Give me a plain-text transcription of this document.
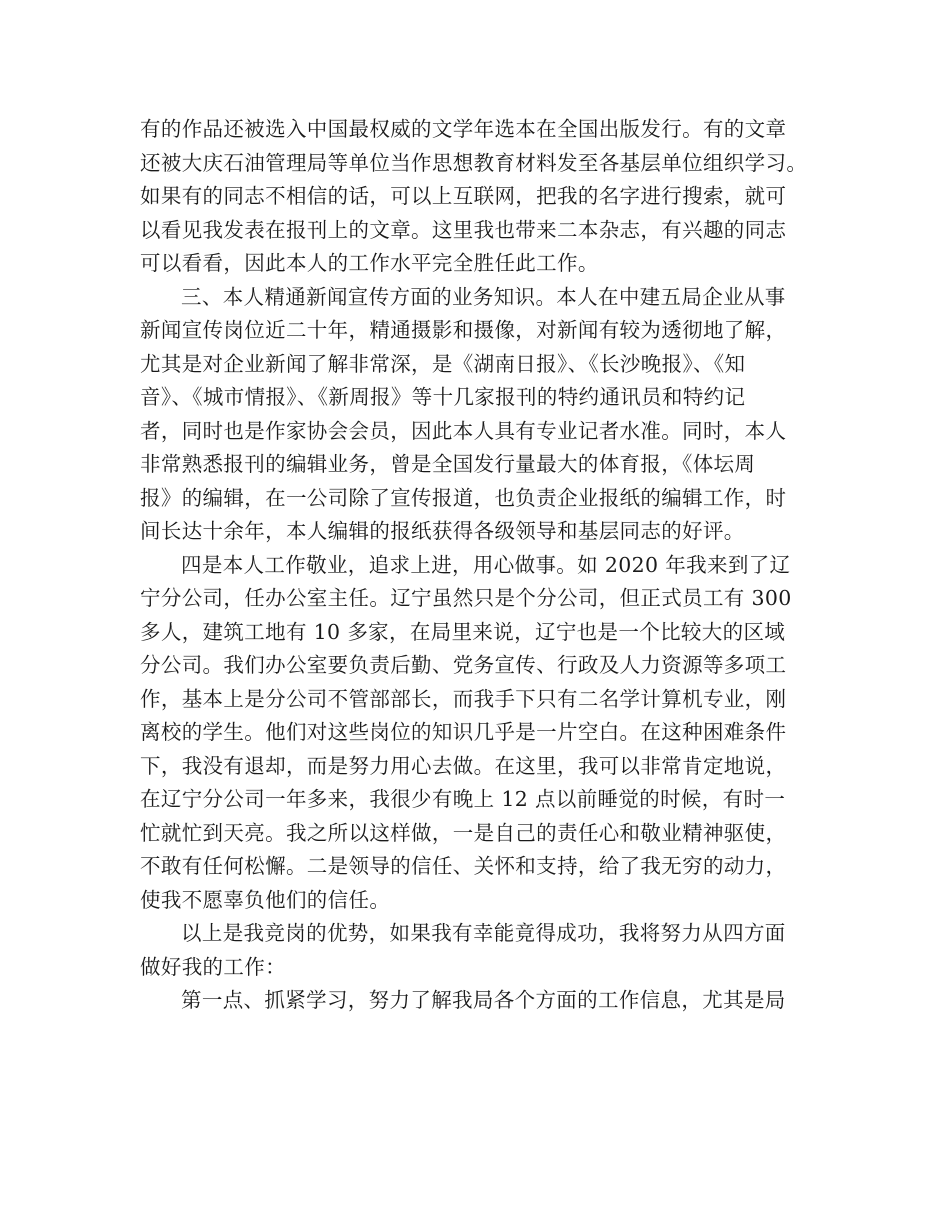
有的作品还被选入中国最权威的文学年选本在全国出版发行。有的文章
还被大庆石油管理局等单位当作思想教育材料发至各基层单位组织学习。
如果有的同志不相信的话，可以上互联网，把我的名字进行搜索，就可
以看见我发表在报刊上的文章。这里我也带来二本杂志，有兴趣的同志
可以看看，因此本人的工作水平完全胜任此工作。
三、本人精通新闻宣传方面的业务知识。本人在中建五局企业从事
新闻宣传岗位近二十年，精通摄影和摄像，对新闻有较为透彻地了解，
尤其是对企业新闻了解非常深，是《湖南日报》、《长沙晚报》、《知
音》、《城市情报》、《新周报》等十几家报刊的特约通讯员和特约记
者，同时也是作家协会会员，因此本人具有专业记者水准。同时，本人
非常熟悉报刊的编辑业务，曾是全国发行量最大的体育报，《体坛周
报》的编辑，在一公司除了宣传报道，也负责企业报纸的编辑工作，时
间长达十余年，本人编辑的报纸获得各级领导和基层同志的好评。
四是本人工作敬业，追求上进，用心做事。如 2020 年我来到了辽
宁分公司，任办公室主任。辽宁虽然只是个分公司，但正式员工有 300
多人，建筑工地有 10 多家，在局里来说，辽宁也是一个比较大的区域
分公司。我们办公室要负责后勤、党务宣传、行政及人力资源等多项工
作，基本上是分公司不管部部长，而我手下只有二名学计算机专业，刚
离校的学生。他们对这些岗位的知识几乎是一片空白。在这种困难条件
下，我没有退却，而是努力用心去做。在这里，我可以非常肯定地说，
在辽宁分公司一年多来，我很少有晚上 12 点以前睡觉的时候，有时一
忙就忙到天亮。我之所以这样做，一是自己的责任心和敬业精神驱使，
不敢有任何松懈。二是领导的信任、关怀和支持，给了我无穷的动力，
使我不愿辜负他们的信任。
以上是我竞岗的优势，如果我有幸能竟得成功，我将努力从四方面
做好我的工作：
第一点、抓紧学习，努力了解我局各个方面的工作信息，尤其是局
